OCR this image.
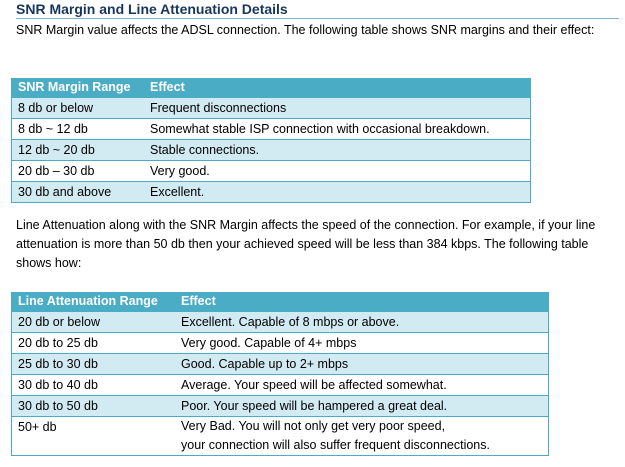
SNR Margin and Line Attenuation Details

SNR Margin value affects the ADSL connection. The following table shows SNR margins and their effect:

SNR Margin Range	Effect
8 db or below	Frequent disconnections
8 db ~ 12 db	Somewhat stable ISP connection with occasional breakdown.
12 db ~ 20 db	Stable connections.
20 db – 30 db	Very good.
30 db and above	Excellent.

Line Attenuation along with the SNR Margin affects the speed of the connection. For example, if your line attenuation is more than 50 db then your achieved speed will be less than 384 kbps. The following table shows how:

Line Attenuation Range	Effect
20 db or below	Excellent. Capable of 8 mbps or above.
20 db to 25 db	Very good. Capable of 4+ mbps
25 db to 30 db	Good. Capable up to 2+ mbps
30 db to 40 db	Average. Your speed will be affected somewhat.
30 db to 50 db	Poor. Your speed will be hampered a great deal.
50+ db	Very Bad. You will not only get very poor speed,
your connection will also suffer frequent disconnections.
